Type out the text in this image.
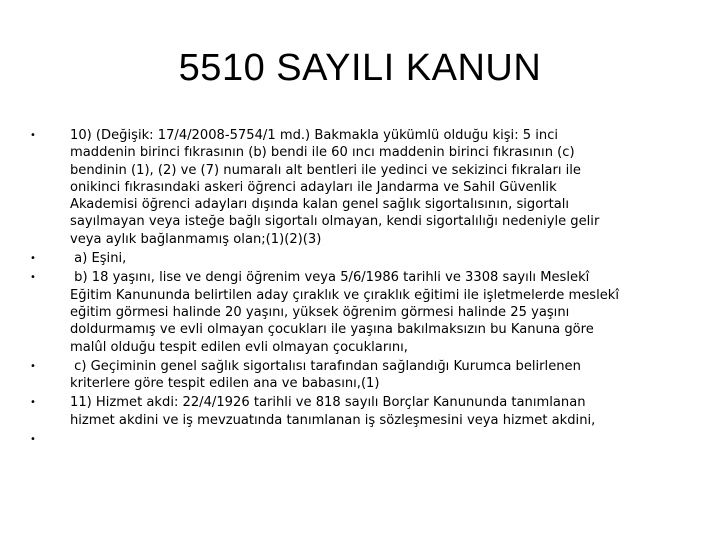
5510 SAYILI KANUN
•	10) (Değişik: 17/4/2008-5754/1 md.) Bakmakla yükümlü olduğu kişi: 5 inci
maddenin birinci fıkrasının (b) bendi ile 60 ıncı maddenin birinci fıkrasının (c)
bendinin (1), (2) ve (7) numaralı alt bentleri ile yedinci ve sekizinci fıkraları ile
onikinci fıkrasındaki askeri öğrenci adayları ile Jandarma ve Sahil Güvenlik
Akademisi öğrenci adayları dışında kalan genel sağlık sigortalısının, sigortalı
sayılmayan veya isteğe bağlı sigortalı olmayan, kendi sigortalılığı nedeniyle gelir
veya aylık bağlanmamış olan;(1)(2)(3)
•	a) Eşini,
•	b) 18 yaşını, lise ve dengi öğrenim veya 5/6/1986 tarihli ve 3308 sayılı Meslekî
Eğitim Kanununda belirtilen aday çıraklık ve çıraklık eğitimi ile işletmelerde meslekî
eğitim görmesi halinde 20 yaşını, yüksek öğrenim görmesi halinde 25 yaşını
doldurmamış ve evli olmayan çocukları ile yaşına bakılmaksızın bu Kanuna göre
malûl olduğu tespit edilen evli olmayan çocuklarını,
•	c) Geçiminin genel sağlık sigortalısı tarafından sağlandığı Kurumca belirlenen
kriterlere göre tespit edilen ana ve babasını,(1)
•	11) Hizmet akdi: 22/4/1926 tarihli ve 818 sayılı Borçlar Kanununda tanımlanan
hizmet akdini ve iş mevzuatında tanımlanan iş sözleşmesini veya hizmet akdini,
•
